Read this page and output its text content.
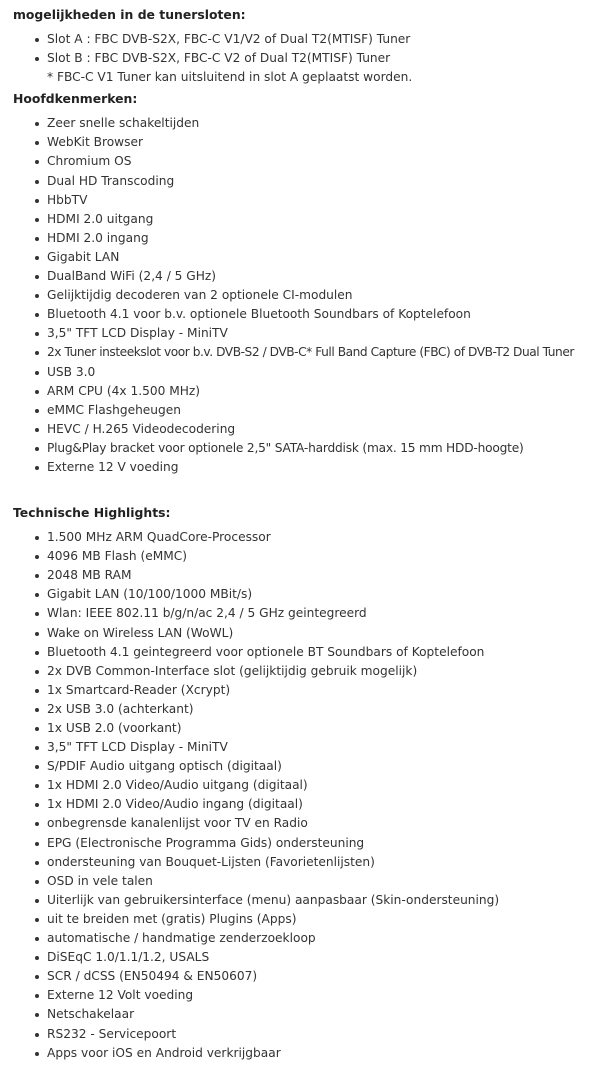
mogelijkheden in de tunersloten:
Slot A : FBC DVB-S2X, FBC-C V1/V2 of Dual T2(MTISF) Tuner
Slot B : FBC DVB-S2X, FBC-C V2 of Dual T2(MTISF) Tuner
* FBC-C V1 Tuner kan uitsluitend in slot A geplaatst worden.
Hoofdkenmerken:
Zeer snelle schakeltijden
WebKit Browser
Chromium OS
Dual HD Transcoding
HbbTV
HDMI 2.0 uitgang
HDMI 2.0 ingang
Gigabit LAN
DualBand WiFi (2,4 / 5 GHz)
Gelijktijdig decoderen van 2 optionele CI-modulen
Bluetooth 4.1 voor b.v. optionele Bluetooth Soundbars of Koptelefoon
3,5" TFT LCD Display - MiniTV
2x Tuner insteekslot voor b.v. DVB-S2 / DVB-C* Full Band Capture (FBC) of DVB-T2 Dual Tuner
USB 3.0
ARM CPU (4x 1.500 MHz)
eMMC Flashgeheugen
HEVC / H.265 Videodecodering
Plug&Play bracket voor optionele 2,5" SATA-harddisk (max. 15 mm HDD-hoogte)
Externe 12 V voeding
Technische Highlights:
1.500 MHz ARM QuadCore-Processor
4096 MB Flash (eMMC)
2048 MB RAM
Gigabit LAN (10/100/1000 MBit/s)
Wlan: IEEE 802.11 b/g/n/ac 2,4 / 5 GHz geintegreerd
Wake on Wireless LAN (WoWL)
Bluetooth 4.1 geintegreerd voor optionele BT Soundbars of Koptelefoon
2x DVB Common-Interface slot (gelijktijdig gebruik mogelijk)
1x Smartcard-Reader (Xcrypt)
2x USB 3.0 (achterkant)
1x USB 2.0 (voorkant)
3,5" TFT LCD Display - MiniTV
S/PDIF Audio uitgang optisch (digitaal)
1x HDMI 2.0 Video/Audio uitgang (digitaal)
1x HDMI 2.0 Video/Audio ingang (digitaal)
onbegrensde kanalenlijst voor TV en Radio
EPG (Electronische Programma Gids) ondersteuning
ondersteuning van Bouquet-Lijsten (Favorietenlijsten)
OSD in vele talen
Uiterlijk van gebruikersinterface (menu) aanpasbaar (Skin-ondersteuning)
uit te breiden met (gratis) Plugins (Apps)
automatische / handmatige zenderzoekloop
DiSEqC 1.0/1.1/1.2, USALS
SCR / dCSS (EN50494 & EN50607)
Externe 12 Volt voeding
Netschakelaar
RS232 - Servicepoort
Apps voor iOS en Android verkrijgbaar
